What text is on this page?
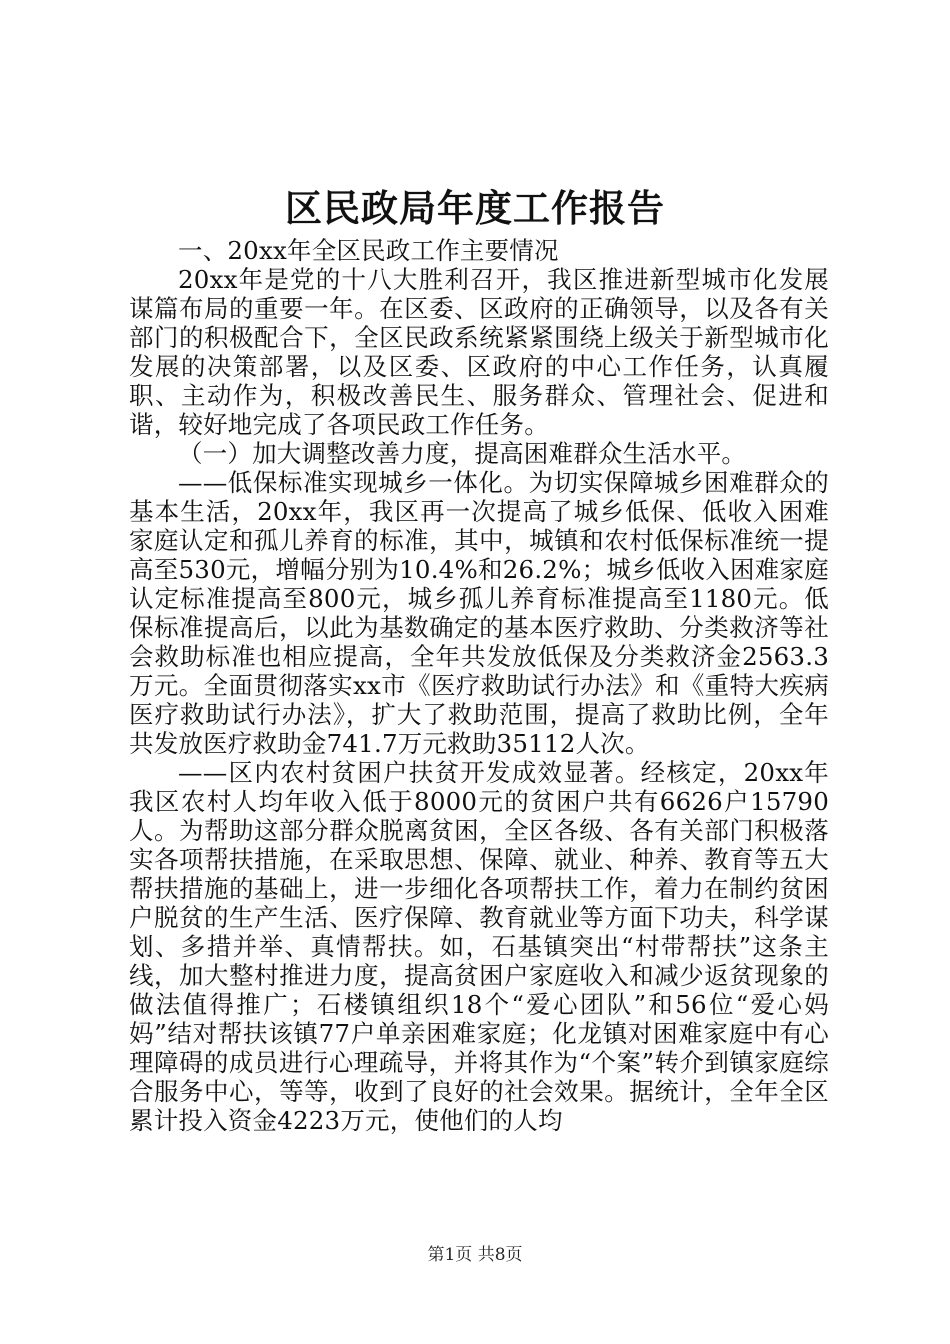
区民政局年度工作报告

一、20xx年全区民政工作主要情况

20xx年是党的十八大胜利召开，我区推进新型城市化发展谋篇布局的重要一年。在区委、区政府的正确领导，以及各有关部门的积极配合下，全区民政系统紧紧围绕上级关于新型城市化发展的决策部署，以及区委、区政府的中心工作任务，认真履职、主动作为，积极改善民生、服务群众、管理社会、促进和谐，较好地完成了各项民政工作任务。

（一）加大调整改善力度，提高困难群众生活水平。

——低保标准实现城乡一体化。为切实保障城乡困难群众的基本生活，20xx年，我区再一次提高了城乡低保、低收入困难家庭认定和孤儿养育的标准，其中，城镇和农村低保标准统一提高至530元，增幅分别为10.4%和26.2%；城乡低收入困难家庭认定标准提高至800元，城乡孤儿养育标准提高至1180元。低保标准提高后，以此为基数确定的基本医疗救助、分类救济等社会救助标准也相应提高，全年共发放低保及分类救济金2563.3万元。全面贯彻落实xx市《医疗救助试行办法》和《重特大疾病医疗救助试行办法》，扩大了救助范围，提高了救助比例，全年共发放医疗救助金741.7万元救助35112人次。

——区内农村贫困户扶贫开发成效显著。经核定，20xx年我区农村人均年收入低于8000元的贫困户共有6626户15790人。为帮助这部分群众脱离贫困，全区各级、各有关部门积极落实各项帮扶措施，在采取思想、保障、就业、种养、教育等五大帮扶措施的基础上，进一步细化各项帮扶工作，着力在制约贫困户脱贫的生产生活、医疗保障、教育就业等方面下功夫，科学谋划、多措并举、真情帮扶。如，石基镇突出“村带帮扶”这条主线，加大整村推进力度，提高贫困户家庭收入和减少返贫现象的做法值得推广；石楼镇组织18个“爱心团队”和56位“爱心妈妈”结对帮扶该镇77户单亲困难家庭；化龙镇对困难家庭中有心理障碍的成员进行心理疏导，并将其作为“个案”转介到镇家庭综合服务中心，等等，收到了良好的社会效果。据统计，全年全区累计投入资金4223万元，使他们的人均

第1页 共8页
